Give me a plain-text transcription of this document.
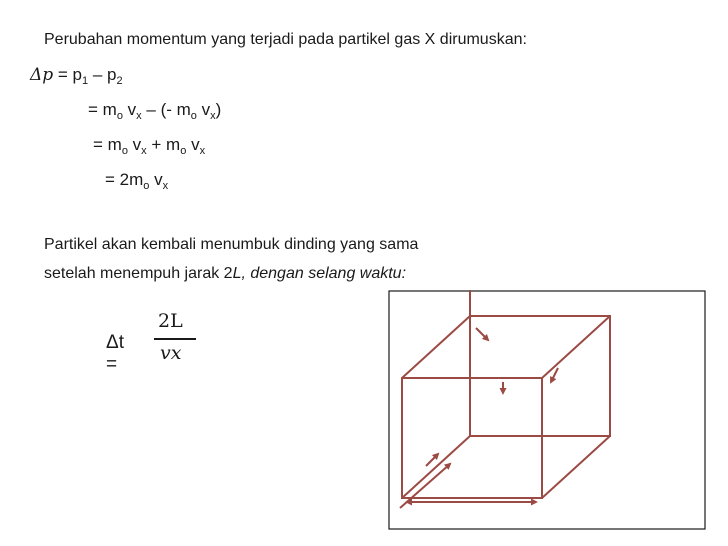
Perubahan momentum yang terjadi pada partikel gas X dirumuskan:
$\Delta p = p_1 - p_2$
= $m_o$ $v_x$ – (- $m_o$ $v_x$)
= $m_o$ $v_x + m_o$ $v_x$
= $2m_o$ $v_x$
Partikel akan kembali menumbuk dinding yang sama
setelah menempuh jarak 2L, dengan selang waktu:
Δt =
2L
vx
